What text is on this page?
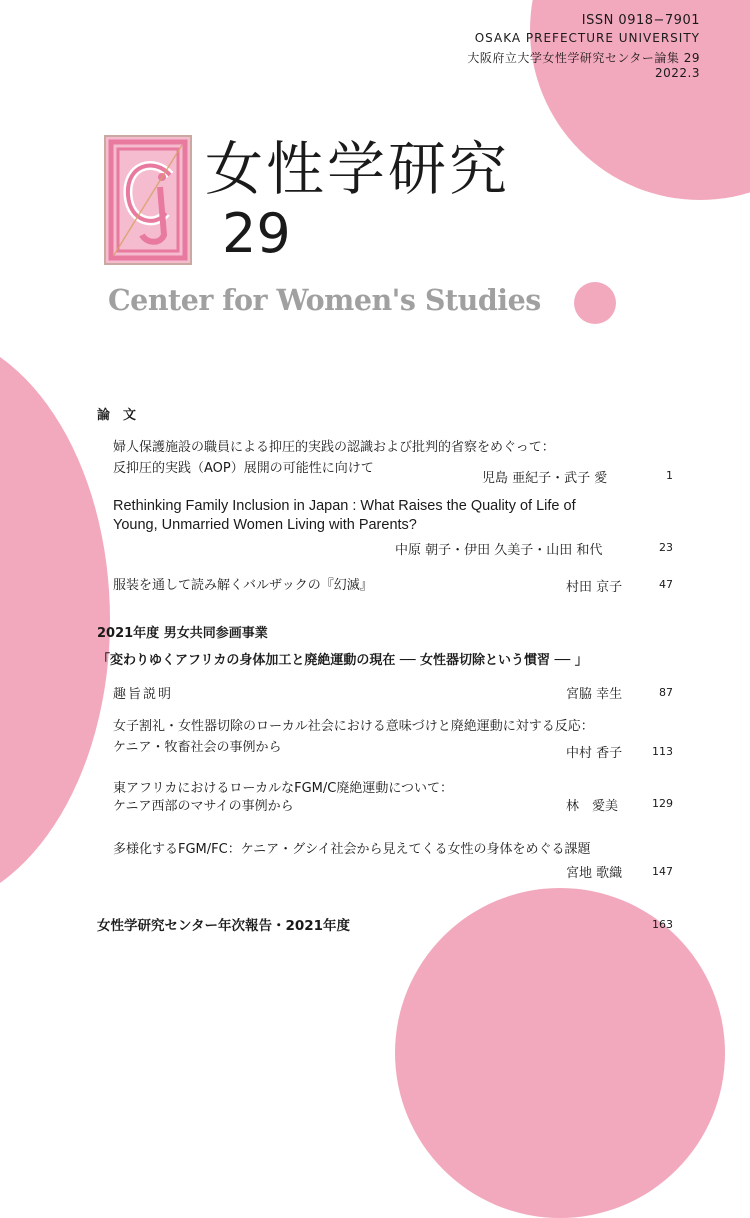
ISSN 0918−7901
OSAKA PREFECTURE UNIVERSITY
大阪府立大学女性学研究センター論集 29
2022.3
女性学研究
29
Center for Women's Studies
論　文
婦人保護施設の職員による抑圧的実践の認識および批判的省察をめぐって：
反抑圧的実践（AOP）展開の可能性に向けて
児島 亜紀子・武子 愛	1
Rethinking Family Inclusion in Japan : What Raises the Quality of Life of
Young, Unmarried Women Living with Parents?
中原 朝子・伊田 久美子・山田 和代	23
服装を通して読み解くバルザックの『幻滅』	村田 京子	47
2021年度 男女共同参画事業
「変わりゆくアフリカの身体加工と廃絶運動の現在 ── 女性器切除という慣習 ── 」
趣旨説明	宮脇 幸生	87
女子割礼・女性器切除のローカル社会における意味づけと廃絶運動に対する反応：
ケニア・牧畜社会の事例から	中村 香子	113
東アフリカにおけるローカルなFGM/C廃絶運動について：
ケニア西部のマサイの事例から	林　愛美	129
多様化するFGM/FC：ケニア・グシイ社会から見えてくる女性の身体をめぐる課題
宮地 歌織	147
女性学研究センター年次報告・2021年度	163
